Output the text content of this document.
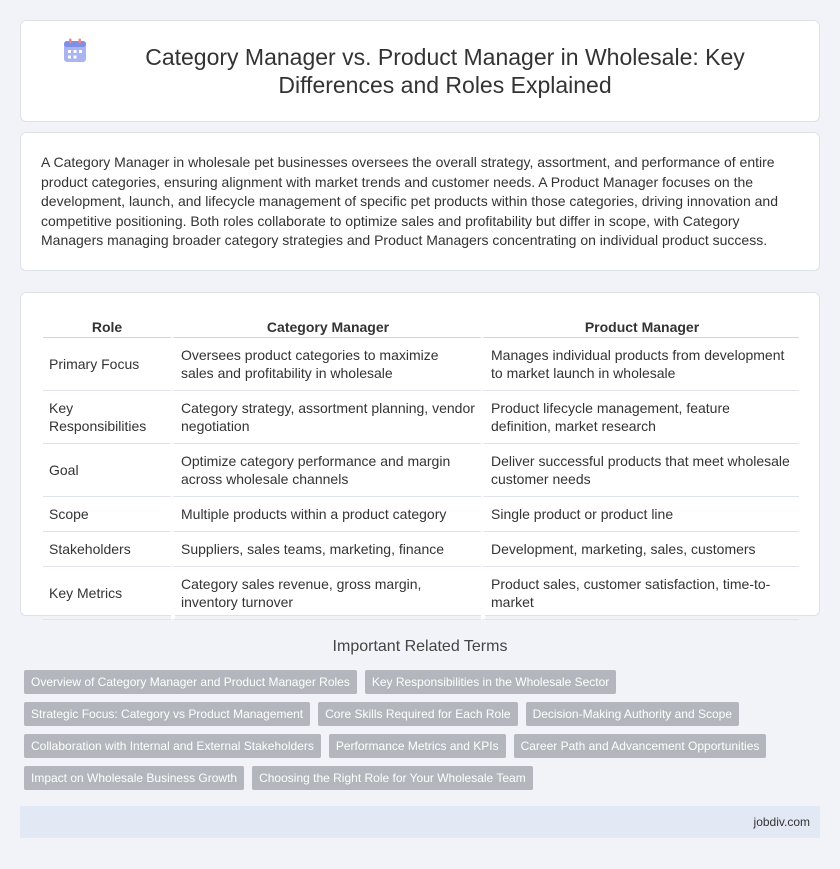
Category Manager vs. Product Manager in Wholesale: Key Differences and Roles Explained

A Category Manager in wholesale pet businesses oversees the overall strategy, assortment, and performance of entire product categories, ensuring alignment with market trends and customer needs. A Product Manager focuses on the development, launch, and lifecycle management of specific pet products within those categories, driving innovation and competitive positioning. Both roles collaborate to optimize sales and profitability but differ in scope, with Category Managers managing broader category strategies and Product Managers concentrating on individual product success.

Role	Category Manager	Product Manager
Primary Focus	Oversees product categories to maximize sales and profitability in wholesale	Manages individual products from development to market launch in wholesale
Key Responsibilities	Category strategy, assortment planning, vendor negotiation	Product lifecycle management, feature definition, market research
Goal	Optimize category performance and margin across wholesale channels	Deliver successful products that meet wholesale customer needs
Scope	Multiple products within a product category	Single product or product line
Stakeholders	Suppliers, sales teams, marketing, finance	Development, marketing, sales, customers
Key Metrics	Category sales revenue, gross margin, inventory turnover	Product sales, customer satisfaction, time-to-market
Important Related Terms
Overview of Category Manager and Product Manager Roles	Key Responsibilities in the Wholesale Sector
Strategic Focus: Category vs Product Management	Core Skills Required for Each Role	Decision-Making Authority and Scope
Collaboration with Internal and External Stakeholders	Performance Metrics and KPIs	Career Path and Advancement Opportunities
Impact on Wholesale Business Growth	Choosing the Right Role for Your Wholesale Team
jobdiv.com
